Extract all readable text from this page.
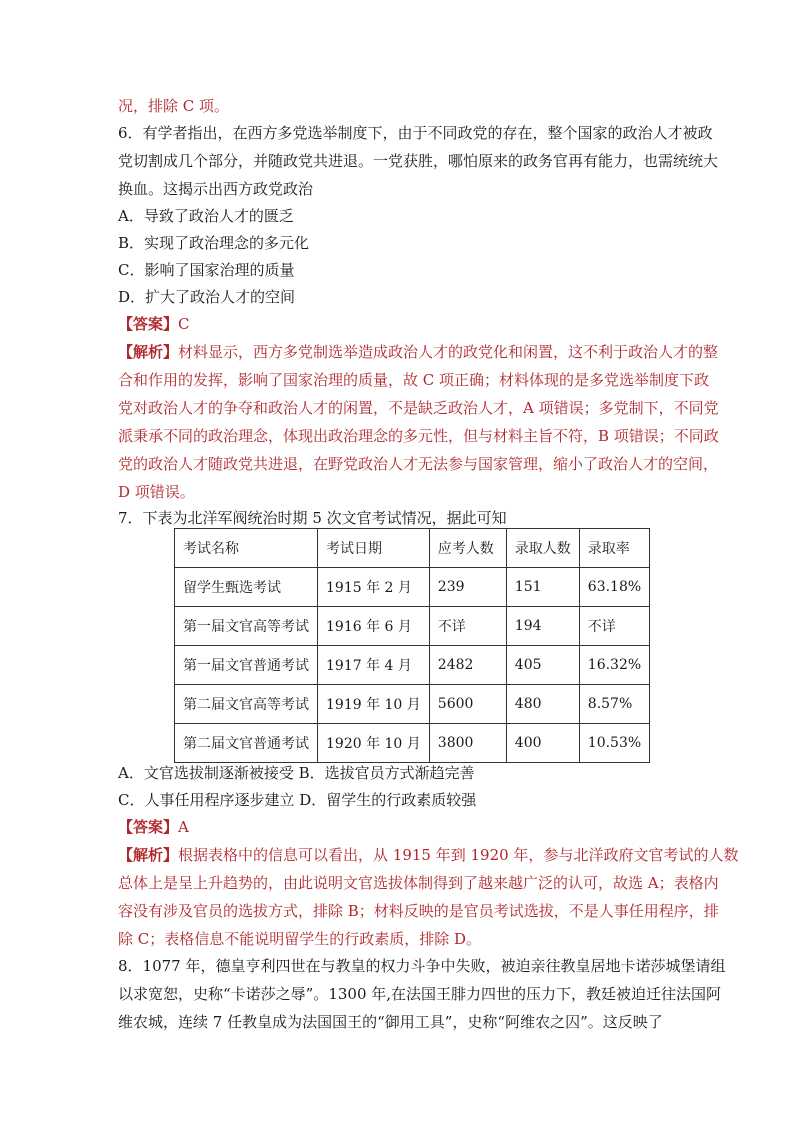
况，排除 C 项。
6．有学者指出，在西方多党选举制度下，由于不同政党的存在，整个国家的政治人才被政
党切割成几个部分，并随政党共进退。一党获胜，哪怕原来的政务官再有能力，也需统统大
换血。这揭示出西方政党政治
A．导致了政治人才的匮乏
B．实现了政治理念的多元化
C．影响了国家治理的质量
D．扩大了政治人才的空间
【答案】C
【解析】材料显示，西方多党制选举造成政治人才的政党化和闲置，这不利于政治人才的整
合和作用的发挥，影响了国家治理的质量，故 C 项正确；材料体现的是多党选举制度下政
党对政治人才的争夺和政治人才的闲置，不是缺乏政治人才，A 项错误；多党制下，不同党
派秉承不同的政治理念，体现出政治理念的多元性，但与材料主旨不符，B 项错误；不同政
党的政治人才随政党共进退，在野党政治人才无法参与国家管理，缩小了政治人才的空间，
D 项错误。
7．下表为北洋军阀统治时期 5 次文官考试情况，据此可知
考试名称	考试日期	应考人数	录取人数	录取率
留学生甄选考试	1915 年 2 月	239	151	63.18%
第一届文官高等考试	1916 年 6 月	不详	194	不详
第一届文官普通考试	1917 年 4 月	2482	405	16.32%
第二届文官高等考试	1919 年 10 月	5600	480	8.57%
第二届文官普通考试	1920 年 10 月	3800	400	10.53%
A．文官选拔制逐渐被接受 B．选拔官员方式渐趋完善
C．人事任用程序逐步建立 D．留学生的行政素质较强
【答案】A
【解析】根据表格中的信息可以看出，从 1915 年到 1920 年，参与北洋政府文官考试的人数
总体上是呈上升趋势的，由此说明文官选拔体制得到了越来越广泛的认可，故选 A；表格内
容没有涉及官员的选拔方式，排除 B；材料反映的是官员考试选拔，不是人事任用程序，排
除 C；表格信息不能说明留学生的行政素质，排除 D。
8．1077 年，德皇亨利四世在与教皇的权力斗争中失败，被迫亲往教皇居地卡诺莎城堡请组
以求宽恕，史称“卡诺莎之辱”。1300 年,在法国王腓力四世的压力下，教廷被迫迁往法国阿
维农城，连续 7 任教皇成为法国国王的“御用工具”，史称“阿维农之囚”。这反映了
